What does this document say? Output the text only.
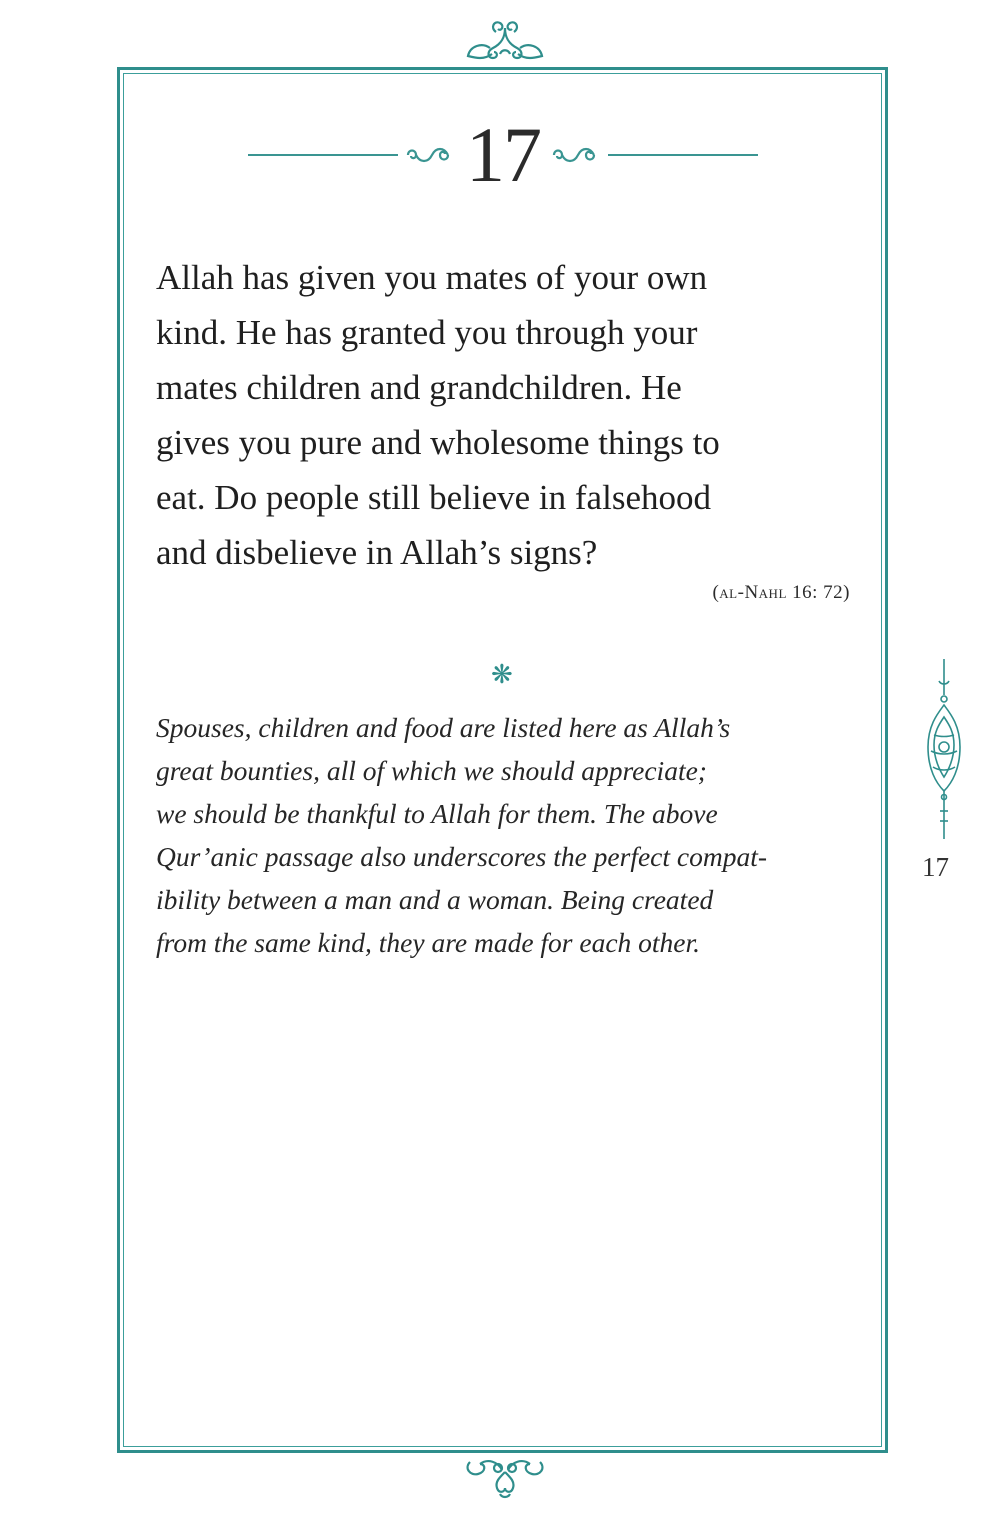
17
Allah has given you mates of your own
kind. He has granted you through your
mates children and grandchildren. He
gives you pure and wholesome things to
eat. Do people still believe in falsehood
and disbelieve in Allah’s signs?
(al-Nahl 16: 72)
❋
Spouses, children and food are listed here as Allah’s
great bounties, all of which we should appreciate;
we should be thankful to Allah for them. The above
Qur’anic passage also underscores the perfect compat-
ibility between a man and a woman. Being created
from the same kind, they are made for each other.
17
